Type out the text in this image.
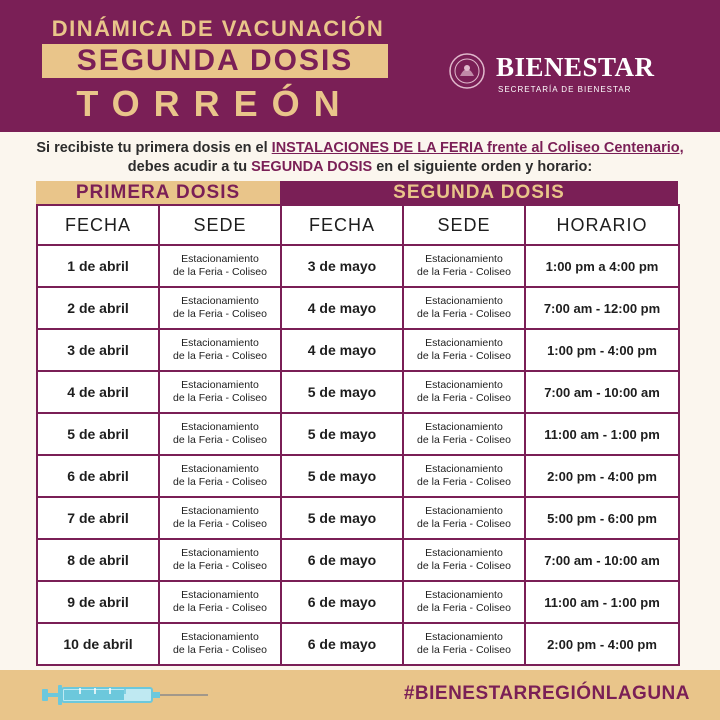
DINÁMICA DE VACUNACIÓN
SEGUNDA DOSIS
TORREÓN
BIENESTAR
SECRETARÍA DE BIENESTAR
Si recibiste tu primera dosis en el INSTALACIONES DE LA FERIA frente al Coliseo Centenario, debes acudir a tu SEGUNDA DOSIS en el siguiente orden y horario:
PRIMERA DOSIS	SEGUNDA DOSIS
FECHA	SEDE	FECHA	SEDE	HORARIO
1 de abril	Estacionamiento
de la Feria - Coliseo	3 de mayo	Estacionamiento
de la Feria - Coliseo	1:00 pm a 4:00 pm
2 de abril	Estacionamiento
de la Feria - Coliseo	4 de mayo	Estacionamiento
de la Feria - Coliseo	7:00 am - 12:00 pm
3 de abril	Estacionamiento
de la Feria - Coliseo	4 de mayo	Estacionamiento
de la Feria - Coliseo	1:00 pm - 4:00 pm
4 de abril	Estacionamiento
de la Feria - Coliseo	5 de mayo	Estacionamiento
de la Feria - Coliseo	7:00 am - 10:00 am
5 de abril	Estacionamiento
de la Feria - Coliseo	5 de mayo	Estacionamiento
de la Feria - Coliseo	11:00 am - 1:00 pm
6 de abril	Estacionamiento
de la Feria - Coliseo	5 de mayo	Estacionamiento
de la Feria - Coliseo	2:00 pm - 4:00 pm
7 de abril	Estacionamiento
de la Feria - Coliseo	5 de mayo	Estacionamiento
de la Feria - Coliseo	5:00 pm - 6:00 pm
8 de abril	Estacionamiento
de la Feria - Coliseo	6 de mayo	Estacionamiento
de la Feria - Coliseo	7:00 am - 10:00 am
9 de abril	Estacionamiento
de la Feria - Coliseo	6 de mayo	Estacionamiento
de la Feria - Coliseo	11:00 am - 1:00 pm
10 de abril	Estacionamiento
de la Feria - Coliseo	6 de mayo	Estacionamiento
de la Feria - Coliseo	2:00 pm - 4:00 pm
#BIENESTARREGIÓNLAGUNA
